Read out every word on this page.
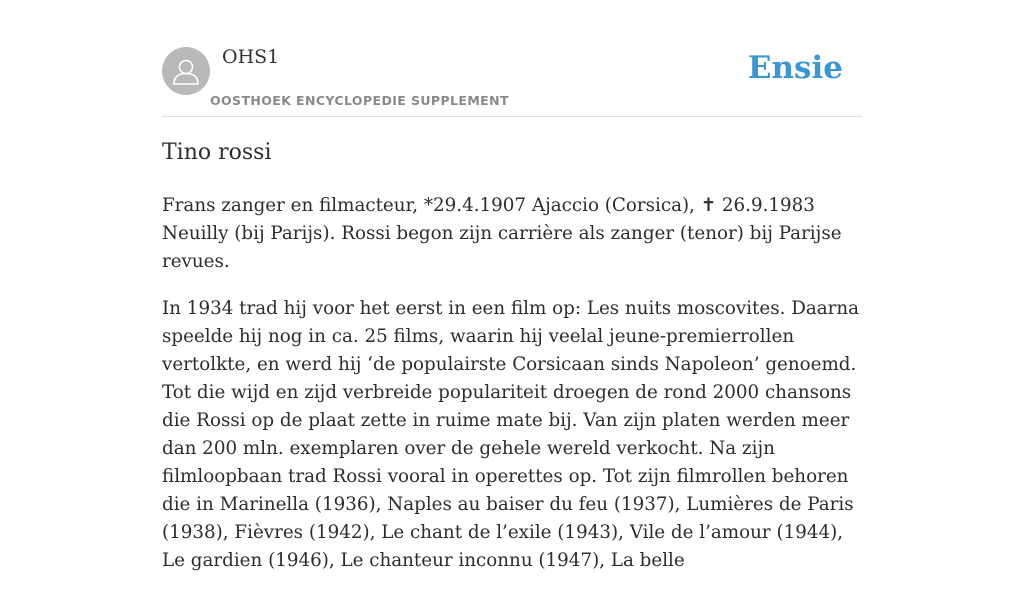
OHS1
OOSTHOEK ENCYCLOPEDIE SUPPLEMENT
Ensie
Tino rossi

Frans zanger en filmacteur, *29.4.1907 Ajaccio (Corsica), ✝ 26.9.1983 Neuilly (bij Parijs). Rossi begon zijn carrière als zanger (tenor) bij Parijse revues.

In 1934 trad hij voor het eerst in een film op: Les nuits moscovites. Daarna speelde hij nog in ca. 25 films, waarin hij veelal jeune-premierrollen vertolkte, en werd hij ‘de populairste Corsicaan sinds Napoleon’ genoemd. Tot die wijd en zijd verbreide populariteit droegen de rond 2000 chansons die Rossi op de plaat zette in ruime mate bij. Van zijn platen werden meer dan 200 mln. exemplaren over de gehele wereld verkocht. Na zijn filmloopbaan trad Rossi vooral in operettes op. Tot zijn filmrollen behoren die in Marinella (1936), Naples au baiser du feu (1937), Lumières de Paris (1938), Fièvres (1942), Le chant de l’exile (1943), Vile de l’amour (1944), Le gardien (1946), Le chanteur inconnu (1947), La belle
